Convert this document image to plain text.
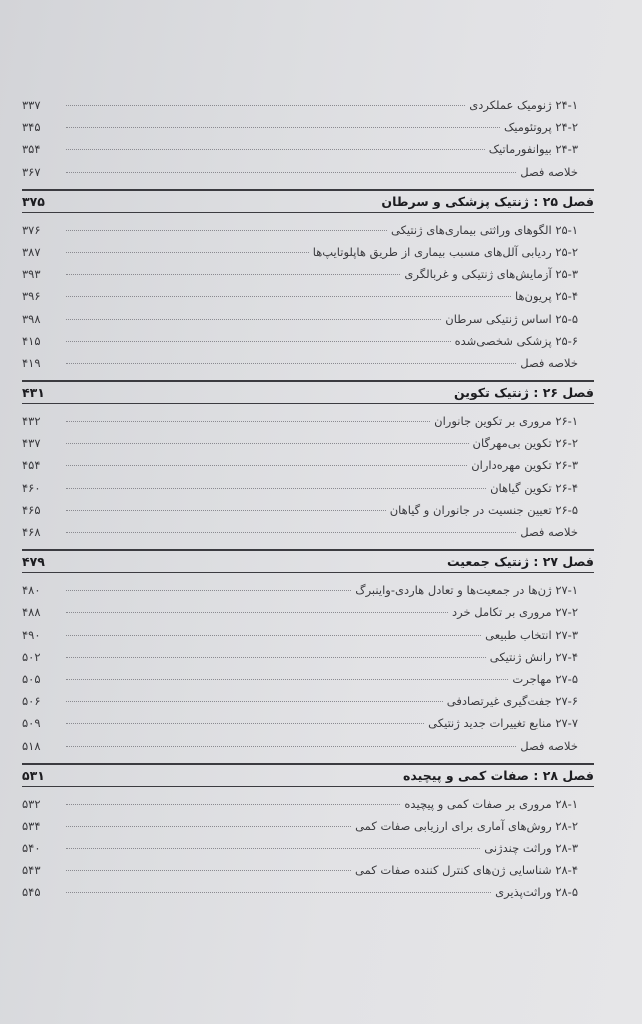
۲۴-۱ ژنومیک عملکردی
۳۳۷
۲۴-۲ پروتئومیک
۳۴۵
۲۴-۳ بیوانفورماتیک
۳۵۴
خلاصه فصل
۳۶۷
فصل ۲۵ : ژنتیک پزشکی و سرطان
۳۷۵
۲۵-۱ الگوهای وراثتی بیماری‌های ژنتیکی
۳۷۶
۲۵-۲ ردیابی آلل‌های مسبب بیماری از طریق هاپلوتایپ‌ها
۳۸۷
۲۵-۳ آزمایش‌های ژنتیکی و غربالگری
۳۹۳
۲۵-۴ پریون‌ها
۳۹۶
۲۵-۵ اساس ژنتیکی سرطان
۳۹۸
۲۵-۶ پزشکی شخصی‌شده
۴۱۵
خلاصه فصل
۴۱۹
فصل ۲۶ : ژنتیک تکوین
۴۳۱
۲۶-۱ مروری بر تکوین جانوران
۴۳۲
۲۶-۲ تکوین بی‌مهرگان
۴۳۷
۲۶-۳ تکوین مهره‌داران
۴۵۴
۲۶-۴ تکوین گیاهان
۴۶۰
۲۶-۵ تعیین جنسیت در جانوران و گیاهان
۴۶۵
خلاصه فصل
۴۶۸
فصل ۲۷ : ژنتیک جمعیت
۴۷۹
۲۷-۱ ژن‌ها در جمعیت‌ها و تعادل هاردی-واینبرگ
۴۸۰
۲۷-۲ مروری بر تکامل خرد
۴۸۸
۲۷-۳ انتخاب طبیعی
۴۹۰
۲۷-۴ رانش ژنتیکی
۵۰۲
۲۷-۵ مهاجرت
۵۰۵
۲۷-۶ جفت‌گیری غیرتصادفی
۵۰۶
۲۷-۷ منابع تغییرات جدید ژنتیکی
۵۰۹
خلاصه فصل
۵۱۸
فصل ۲۸ : صفات کمی و پیچیده
۵۳۱
۲۸-۱ مروری بر صفات کمی و پیچیده
۵۳۲
۲۸-۲ روش‌های آماری برای ارزیابی صفات کمی
۵۳۴
۲۸-۳ وراثت چندژنی
۵۴۰
۲۸-۴ شناسایی ژن‌های کنترل کننده صفات کمی
۵۴۳
۲۸-۵ وراثت‌پذیری
۵۴۵
